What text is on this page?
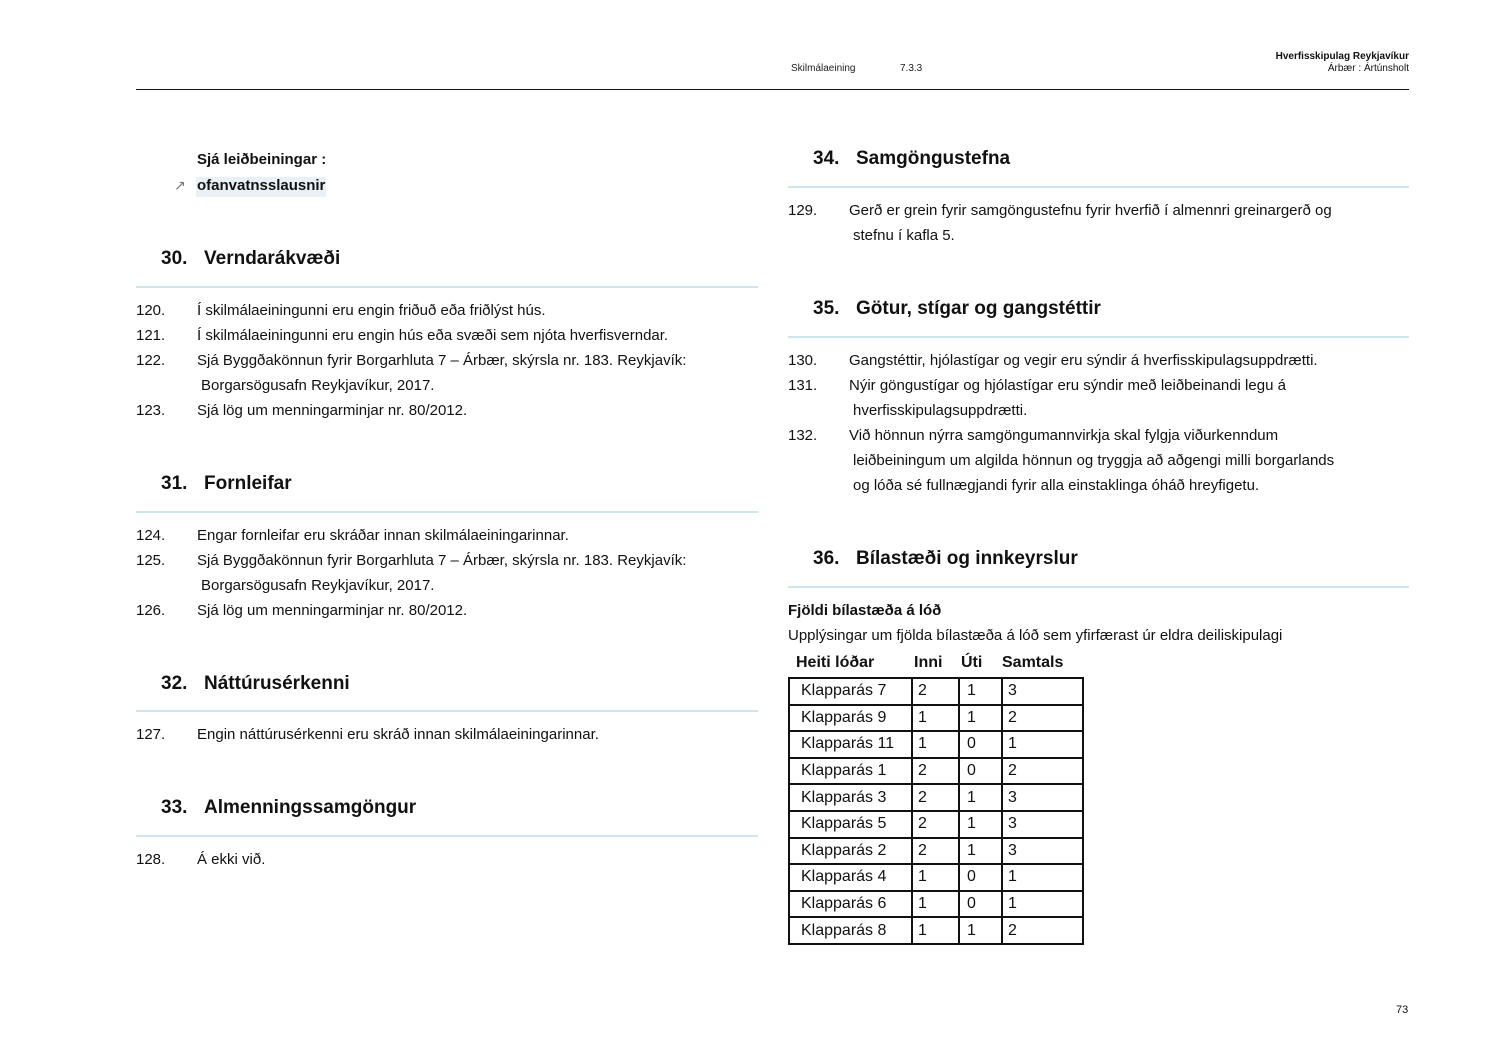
Skilmálaeining	7.3.3
Hverfisskipulag Reykjavíkur
Árbær : Ártúnsholt
Sjá leiðbeiningar :
↗ ofanvatnsslausnir
30. Verndarákvæði
120.	Í skilmálaeiningunni eru engin friðuð eða friðlýst hús.
121.	Í skilmálaeiningunni eru engin hús eða svæði sem njóta hverfisverndar.
122.	Sjá Byggðakönnun fyrir Borgarhluta 7 – Árbær, skýrsla nr. 183. Reykjavík:
Borgarsögusafn Reykjavíkur, 2017.
123.	Sjá lög um menningarminjar nr. 80/2012.
31. Fornleifar
124.	Engar fornleifar eru skráðar innan skilmálaeiningarinnar.
125.	Sjá Byggðakönnun fyrir Borgarhluta 7 – Árbær, skýrsla nr. 183. Reykjavík:
Borgarsögusafn Reykjavíkur, 2017.
126.	Sjá lög um menningarminjar nr. 80/2012.
32. Náttúrusérkenni
127.	Engin náttúrusérkenni eru skráð innan skilmálaeiningarinnar.
33. Almenningssamgöngur
128.	Á ekki við.
34. Samgöngustefna
129.	Gerð er grein fyrir samgöngustefnu fyrir hverfið í almennri greinargerð og
stefnu í kafla 5.
35. Götur, stígar og gangstéttir
130.	Gangstéttir, hjólastígar og vegir eru sýndir á hverfisskipulagsuppdrætti.
131.	Nýir göngustígar og hjólastígar eru sýndir með leiðbeinandi legu á
hverfisskipulagsuppdrætti.
132.	Við hönnun nýrra samgöngumannvirkja skal fylgja viðurkenndum
leiðbeiningum um algilda hönnun og tryggja að aðgengi milli borgarlands
og lóða sé fullnægjandi fyrir alla einstaklinga óháð hreyfigetu.
36. Bílastæði og innkeyrslur
Fjöldi bílastæða á lóð
Upplýsingar um fjölda bílastæða á lóð sem yfirfærast úr eldra deiliskipulagi
Heiti lóðar Inni Úti Samtals
Klapparás 7	2	1	3
Klapparás 9	1	1	2
Klapparás 11	1	0	1
Klapparás 1	2	0	2
Klapparás 3	2	1	3
Klapparás 5	2	1	3
Klapparás 2	2	1	3
Klapparás 4	1	0	1
Klapparás 6	1	0	1
Klapparás 8	1	1	2
73
